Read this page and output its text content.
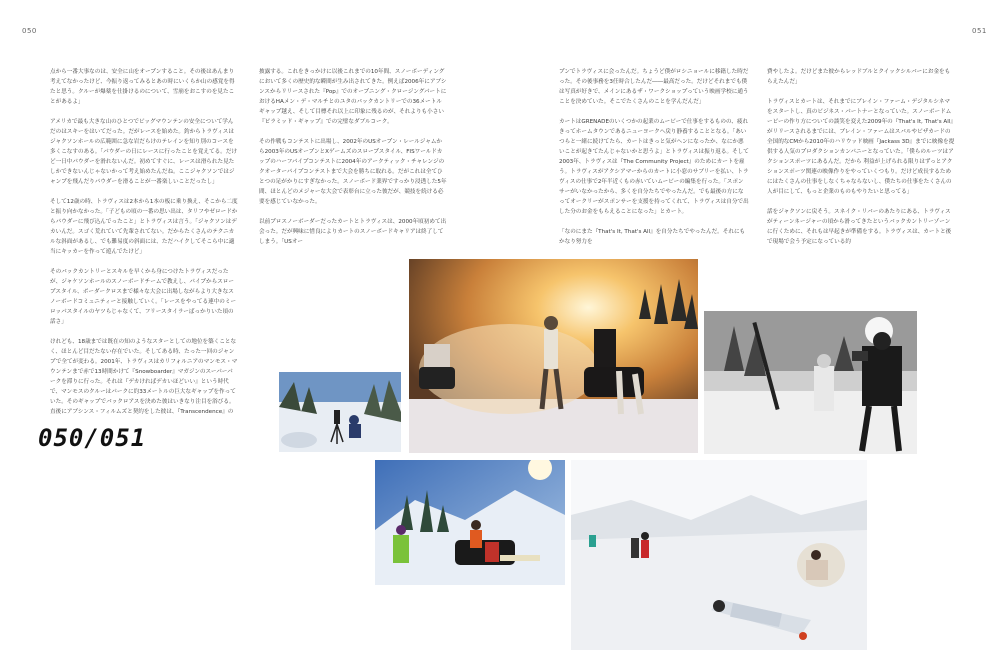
050	051

点から一番大事なのは、安全に山をオープンすること。その後はあんまり考えてなかったけど、今振り返ってみるとあの時にいくらか山の感覚を得たと思う。クルーが爆薬を仕掛けるのについて、雪崩をおこすのを見たことがあるよ」

アメリカで最も大きな山のひとつでビッグマウンテンの安全について学んだのはスキーをはいてだった。だがレースを始めた。釣からトラヴィスはジャクソンホールの広範囲に急な岩だらけのテレインを知り別のコースを多くこなすのある。「パウダーの日にレースに行ったことを覚えてる。だけど一日中パウダーを滑れないんだ。初めてすぐに、レースは滑られた見たしかできないんじゃないかって考え始めたんだね。ここジャクソンではジャンプを飛んだりパウダーを滑ることが一番楽しいことだったし」

そして12歳の時、トラヴィスは2本から1本の板に乗り換え、そこから二度と振り向かなかった。「子どもの頃の一番の思い出は、タリフやゼロードからパウダーに飛び込んでったこと」とトラヴィスは言う。「ジャクソンはデカいんだ。スゴく荒れていて先輩されてない。だからたくさんのテクニカルな斜面があるし、でも難易度の斜面には、ただハイクしてそこら中に適当にキッカーを作って遊んでたけど」

そのバックカントリーとスキルを早くから身につけたトラヴィスだったが、ジャケソンホールのスノーボードチームで教えし、パイプからスロープスタイル、ボーダークロスまで様々な大会に出場しながらより大きなスノーボードコミュニティーと接触していく。「レースをやってる連中のミーロッパスタイルのヤツらじゃなくて、フリースタイラーばっかりいた頃の話さ」

けれども、18歳までは既在の知のようなスターとしての地位を築くことなく、ほとんど目だたない存在でいた。そしてある時、たった一回のジャンプで全てが変わる。2001年、トラヴィスはカリフォルニアのマンモス・マウンテンまで赤で13時間かけて『Snowboarder』マガジンのスーパーパークを滞りに行った。それは『デカければデカいほどいい』という時代で、マンモスのクルーはパークに約33メートルの巨大なギャップを作っていた。そのギャップでバックロアスを決めた彼はいきなり注目を浴びる。直後にアブシンス・フィルムズと契約をした彼は、『Transcendence』の

披露する。これをきっかけに以後これまでの10年間、スノーボーディングにおいて多くの歴史的な瞬間が生み出されてきた。例えば2006年にアブシンスからリリースされた『Pop』でのオープニング・クロージングパートにおけるHAメン・デ・マルチとのユタのバックカントリーでの36メートルギャップ越え、そして目標それ以上に印象に残るのが、それよりも小さい『ピラミッド・ギャップ』での完璧なダブルコーク。

その作戦もコンテストに出場し、2002年のUSオープン・レールジャムから2003年のUSオープンとXゲームズのスロープスタイル、FISワールドカップのハーフパイプコンテストに2004年のアークティック・チャレンジのクオーターパイプコンテストまで大会を勝ちに取れる。だがこれは全てひとつの足がかりにすぎなかった。スノーボード業界ですっかり浸透した5年間、ほとんどのメジャーな大会で表彰台に立った彼だが、競技を続ける必要を感じていなかった。

以前プロスノーボーダーだったカートとトラヴィスは、2000年頃初めて出会った。だが興味に惜良によりカートのスノーボードキャリアは終了してしまう。「USオー

プンでトラヴィスに会ったんだ。ちょうど僕がロシニョールに移籍した時だった。その後事務を3任時合したんだ――最高だった。だけどそれまでも僕は写真が好きで、メインにあるザ・ワークショップっていう映画学校に通うことを決めていた。そこでたくさんのことを学んだんだ」

カートはGRENADEのいくつかの起業のムービーで仕事をするものの、疲れきってホームタウンであるニューヨークへ戻り静養することとなる。「あいつらと一緒に続けてたら、カートはきっと気がヘンになったか、なにか悪いことが起きてたんじゃないかと思うよ」とトラヴィスは振り返る。そして2003年、トラヴィスは『The Community Project』のためにカートを雇う。トラヴィスがアクシアマーからのカートに小窓のサブリーを払い、トラヴィスの仕事で2年半近くもの赤いていムービーの編集を行った。「スポンサーがいなかったから、多くを自分たちでやったんだ。でも最後の方になってオークリーがスポンサーを支援を持ってくれて、トラヴィスは自分で出した分のお金をもらえることになった」とカート。

「なのにまた『That's It, That's All』を自分たちでやったんだ。それにもかなり努力を

費やしたよ。だけどまた彼からレッドブルとクイックシルバーにお金をもらえたんだ」

トラヴィスとカートは、それまでにブレイン・ファーム・デジタルシネマをスタートし、真のビジネス・パートナーとなっていた。スノーボードムービーの作り方についての談笑を変えた2009年の『That's It, That's All』がリリースされるまでには、ブレイン・ファームはスバルやビザカードの全国的なCMから2010年のハリウッド映画『Jackass 3D』までに映像を提供する人気のプロダクションカンパニーとなっていた。「僕らのルーツはアクションスポーツにあるんだ。だから 利益が上げられる限りはずっとアクションスポーツ関連の映像作りをやっていくつもり。だけど成長するためにはたくさんの仕事をしなくちゃならないし、僕たちの仕事をたくさんの人が目にして、もっと企業のものもやりたいと思ってる」

話をジャクソンに戻そう。スネイク・リバーのあたりにある、トラヴィスがティーンネージャーの頃から滑ってきたというバックカントリーゾーンに行くために、それもは早起きが準備をする。トラヴィスは、カートと後で現場で会う予定になっている約

050/051
